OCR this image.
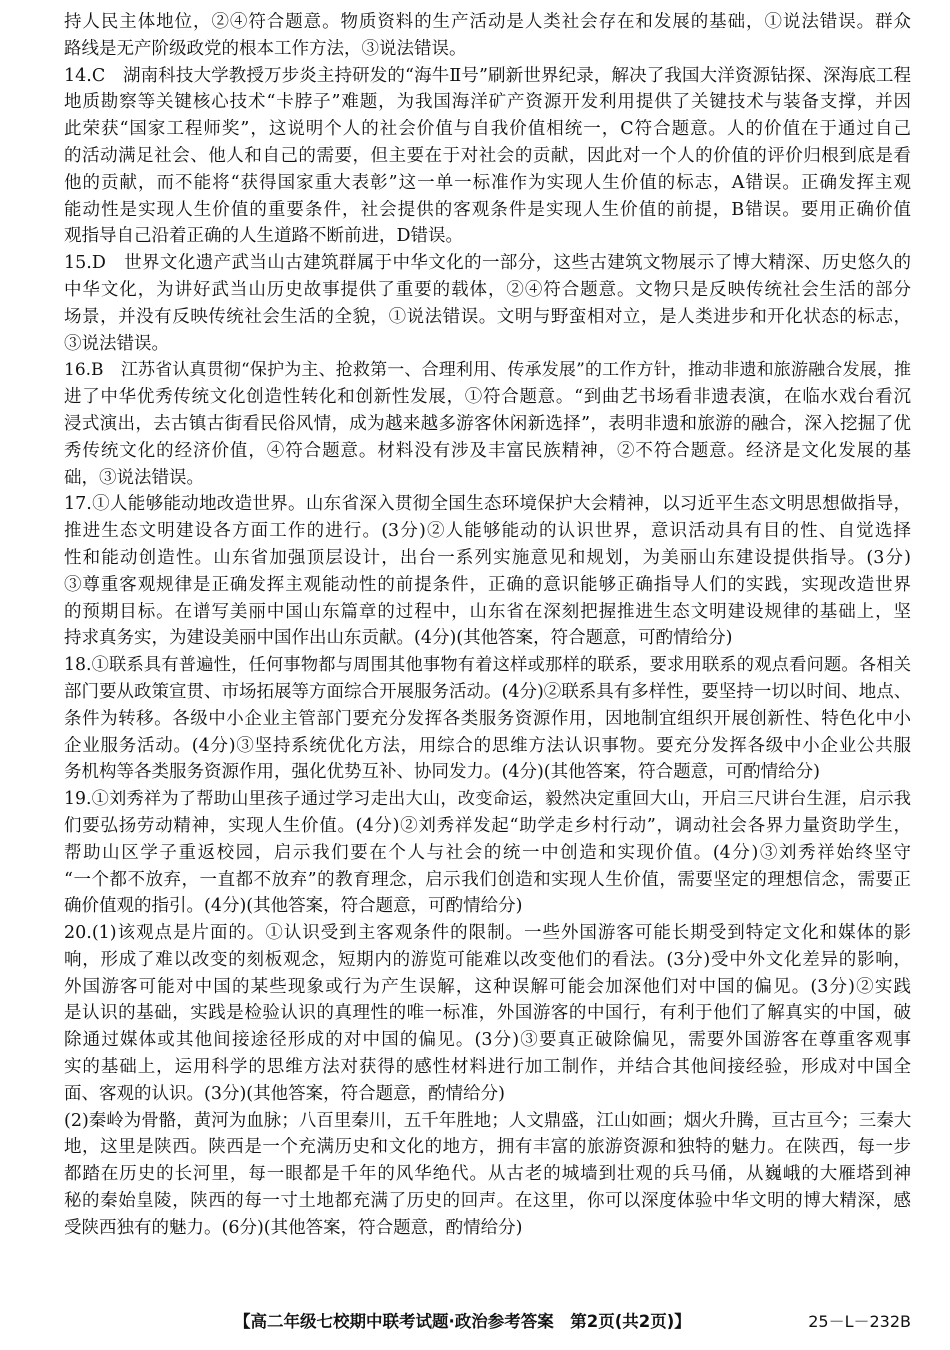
持人民主体地位，②④符合题意。物质资料的生产活动是人类社会存在和发展的基础，①说法错误。群众
路线是无产阶级政党的根本工作方法，③说法错误。
14.C　湖南科技大学教授万步炎主持研发的“海牛Ⅱ号”刷新世界纪录，解决了我国大洋资源钻探、深海底工程
地质勘察等关键核心技术“卡脖子”难题，为我国海洋矿产资源开发利用提供了关键技术与装备支撑，并因
此荣获“国家工程师奖”，这说明个人的社会价值与自我价值相统一，C符合题意。人的价值在于通过自己
的活动满足社会、他人和自己的需要，但主要在于对社会的贡献，因此对一个人的价值的评价归根到底是看
他的贡献，而不能将“获得国家重大表彰”这一单一标准作为实现人生价值的标志，A错误。正确发挥主观
能动性是实现人生价值的重要条件，社会提供的客观条件是实现人生价值的前提，B错误。要用正确价值
观指导自己沿着正确的人生道路不断前进，D错误。
15.D　世界文化遗产武当山古建筑群属于中华文化的一部分，这些古建筑文物展示了博大精深、历史悠久的
中华文化，为讲好武当山历史故事提供了重要的载体，②④符合题意。文物只是反映传统社会生活的部分
场景，并没有反映传统社会生活的全貌，①说法错误。文明与野蛮相对立，是人类进步和开化状态的标志，
③说法错误。
16.B　江苏省认真贯彻“保护为主、抢救第一、合理利用、传承发展”的工作方针，推动非遗和旅游融合发展，推
进了中华优秀传统文化创造性转化和创新性发展，①符合题意。“到曲艺书场看非遗表演，在临水戏台看沉
浸式演出，去古镇古街看民俗风情，成为越来越多游客休闲新选择”，表明非遗和旅游的融合，深入挖掘了优
秀传统文化的经济价值，④符合题意。材料没有涉及丰富民族精神，②不符合题意。经济是文化发展的基
础，③说法错误。
17.①人能够能动地改造世界。山东省深入贯彻全国生态环境保护大会精神，以习近平生态文明思想做指导，
推进生态文明建设各方面工作的进行。(3分)②人能够能动的认识世界，意识活动具有目的性、自觉选择
性和能动创造性。山东省加强顶层设计，出台一系列实施意见和规划，为美丽山东建设提供指导。(3分)
③尊重客观规律是正确发挥主观能动性的前提条件，正确的意识能够正确指导人们的实践，实现改造世界
的预期目标。在谱写美丽中国山东篇章的过程中，山东省在深刻把握推进生态文明建设规律的基础上，坚
持求真务实，为建设美丽中国作出山东贡献。(4分)(其他答案，符合题意，可酌情给分)
18.①联系具有普遍性，任何事物都与周围其他事物有着这样或那样的联系，要求用联系的观点看问题。各相关
部门要从政策宣贯、市场拓展等方面综合开展服务活动。(4分)②联系具有多样性，要坚持一切以时间、地点、
条件为转移。各级中小企业主管部门要充分发挥各类服务资源作用，因地制宜组织开展创新性、特色化中小
企业服务活动。(4分)③坚持系统优化方法，用综合的思维方法认识事物。要充分发挥各级中小企业公共服
务机构等各类服务资源作用，强化优势互补、协同发力。(4分)(其他答案，符合题意，可酌情给分)
19.①刘秀祥为了帮助山里孩子通过学习走出大山，改变命运，毅然决定重回大山，开启三尺讲台生涯，启示我
们要弘扬劳动精神，实现人生价值。(4分)②刘秀祥发起“助学走乡村行动”，调动社会各界力量资助学生，
帮助山区学子重返校园，启示我们要在个人与社会的统一中创造和实现价值。(4分)③刘秀祥始终坚守
“一个都不放弃，一直都不放弃”的教育理念，启示我们创造和实现人生价值，需要坚定的理想信念，需要正
确价值观的指引。(4分)(其他答案，符合题意，可酌情给分)
20.(1)该观点是片面的。①认识受到主客观条件的限制。一些外国游客可能长期受到特定文化和媒体的影
响，形成了难以改变的刻板观念，短期内的游览可能难以改变他们的看法。(3分)受中外文化差异的影响，
外国游客可能对中国的某些现象或行为产生误解，这种误解可能会加深他们对中国的偏见。(3分)②实践
是认识的基础，实践是检验认识的真理性的唯一标准，外国游客的中国行，有利于他们了解真实的中国，破
除通过媒体或其他间接途径形成的对中国的偏见。(3分)③要真正破除偏见，需要外国游客在尊重客观事
实的基础上，运用科学的思维方法对获得的感性材料进行加工制作，并结合其他间接经验，形成对中国全
面、客观的认识。(3分)(其他答案，符合题意，酌情给分)
(2)秦岭为骨骼，黄河为血脉；八百里秦川，五千年胜地；人文鼎盛，江山如画；烟火升腾，亘古亘今；三秦大
地，这里是陕西。陕西是一个充满历史和文化的地方，拥有丰富的旅游资源和独特的魅力。在陕西，每一步
都踏在历史的长河里，每一眼都是千年的风华绝代。从古老的城墙到壮观的兵马俑，从巍峨的大雁塔到神
秘的秦始皇陵，陕西的每一寸土地都充满了历史的回声。在这里，你可以深度体验中华文明的博大精深，感
受陕西独有的魅力。(6分)(其他答案，符合题意，酌情给分)
【高二年级七校期中联考试题·政治参考答案　第2页(共2页)】	25－L－232B
